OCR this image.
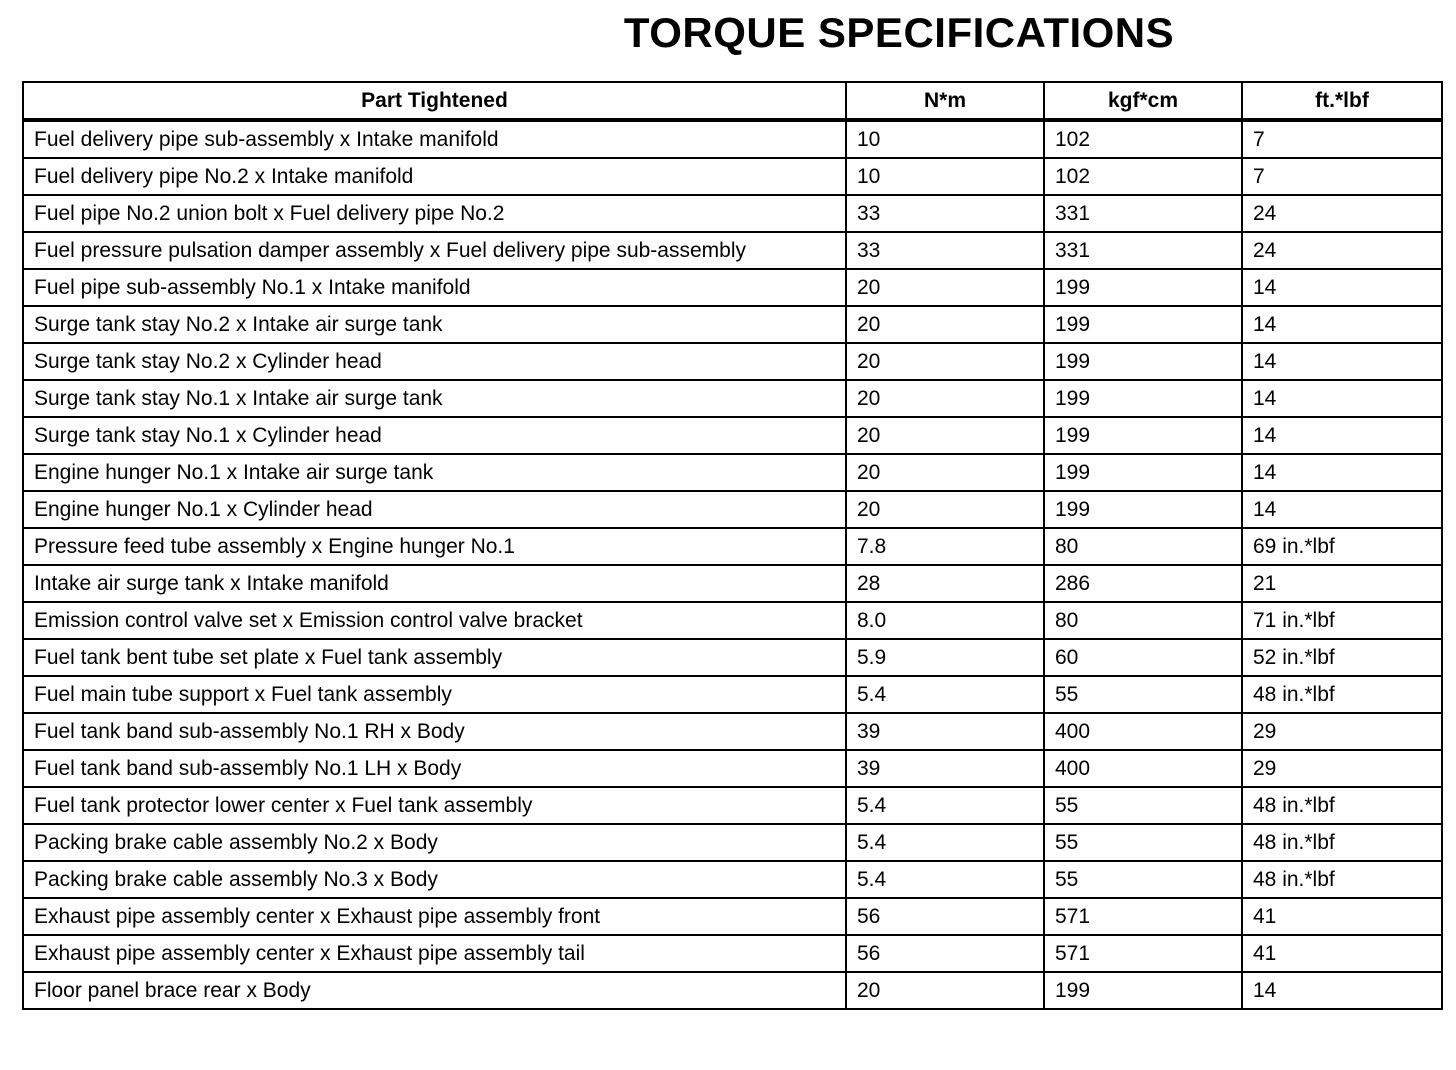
TORQUE SPECIFICATIONS
Part Tightened	N*m	kgf*cm	ft.*lbf
Fuel delivery pipe sub-assembly x Intake manifold	10	102	7
Fuel delivery pipe No.2 x Intake manifold	10	102	7
Fuel pipe No.2 union bolt x Fuel delivery pipe No.2	33	331	24
Fuel pressure pulsation damper assembly x Fuel delivery pipe sub-assembly	33	331	24
Fuel pipe sub-assembly No.1 x Intake manifold	20	199	14
Surge tank stay No.2 x Intake air surge tank	20	199	14
Surge tank stay No.2 x Cylinder head	20	199	14
Surge tank stay No.1 x Intake air surge tank	20	199	14
Surge tank stay No.1 x Cylinder head	20	199	14
Engine hunger No.1 x Intake air surge tank	20	199	14
Engine hunger No.1 x Cylinder head	20	199	14
Pressure feed tube assembly x Engine hunger No.1	7.8	80	69 in.*lbf
Intake air surge tank x Intake manifold	28	286	21
Emission control valve set x Emission control valve bracket	8.0	80	71 in.*lbf
Fuel tank bent tube set plate x Fuel tank assembly	5.9	60	52 in.*lbf
Fuel main tube support x Fuel tank assembly	5.4	55	48 in.*lbf
Fuel tank band sub-assembly No.1 RH x Body	39	400	29
Fuel tank band sub-assembly No.1 LH x Body	39	400	29
Fuel tank protector lower center x Fuel tank assembly	5.4	55	48 in.*lbf
Packing brake cable assembly No.2 x Body	5.4	55	48 in.*lbf
Packing brake cable assembly No.3 x Body	5.4	55	48 in.*lbf
Exhaust pipe assembly center x Exhaust pipe assembly front	56	571	41
Exhaust pipe assembly center x Exhaust pipe assembly tail	56	571	41
Floor panel brace rear x Body	20	199	14
